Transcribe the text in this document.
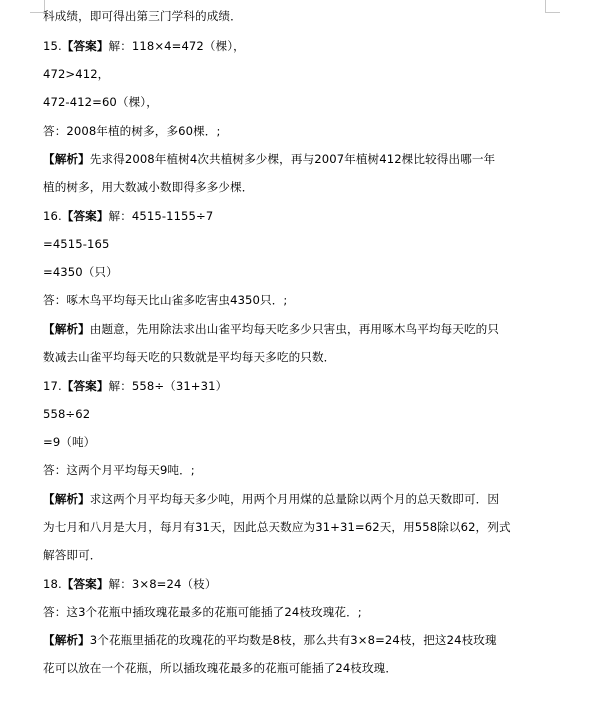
科成绩，即可得出第三门学科的成绩．
15.【答案】解：118×4=472（棵），
472>412，
472-412=60（棵），
答：2008年植的树多，多60棵．;
【解析】先求得2008年植树4次共植树多少棵，再与2007年植树412棵比较得出哪一年
植的树多，用大数减小数即得多多少棵．
16.【答案】解：4515-1155÷7
=4515-165
=4350（只）
答：啄木鸟平均每天比山雀多吃害虫4350只．;
【解析】由题意，先用除法求出山雀平均每天吃多少只害虫，再用啄木鸟平均每天吃的只
数减去山雀平均每天吃的只数就是平均每天多吃的只数．
17.【答案】解：558÷（31+31）
558÷62
=9（吨）
答：这两个月平均每天9吨．;
【解析】求这两个月平均每天多少吨，用两个月用煤的总量除以两个月的总天数即可．因
为七月和八月是大月，每月有31天，因此总天数应为31+31=62天，用558除以62，列式
解答即可．
18.【答案】解：3×8=24（枝）
答：这3个花瓶中插玫瑰花最多的花瓶可能插了24枝玫瑰花．;
【解析】3个花瓶里插花的玫瑰花的平均数是8枝，那么共有3×8=24枝，把这24枝玫瑰
花可以放在一个花瓶，所以插玫瑰花最多的花瓶可能插了24枝玫瑰．
